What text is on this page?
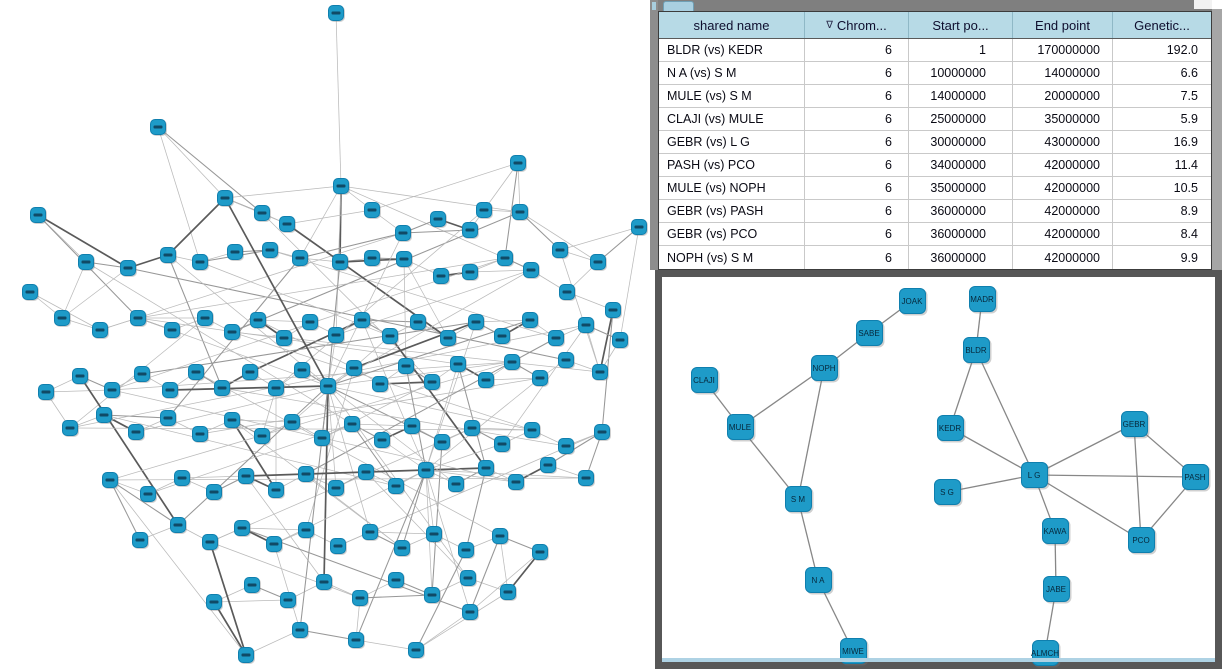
shared name	∇ Chrom...	Start po...	End point	Genetic...
BLDR (vs) KEDR	6	1	170000000	192.0
N A (vs) S M	6	10000000	14000000	6.6
MULE (vs) S M	6	14000000	20000000	7.5
CLAJI (vs) MULE	6	25000000	35000000	5.9
GEBR (vs) L G	6	30000000	43000000	16.9
PASH (vs) PCO	6	34000000	42000000	11.4
MULE (vs) NOPH	6	35000000	42000000	10.5
GEBR (vs) PASH	6	36000000	42000000	8.9
GEBR (vs) PCO	6	36000000	42000000	8.4
NOPH (vs) S M	6	36000000	42000000	9.9
JOAK
SABE
NOPH
CLAJI
MULE
S M
N A
MIWE
MADR
BLDR
KEDR
S G
L G
GEBR
PASH
PCO
KAWA
JABE
ALMCH
